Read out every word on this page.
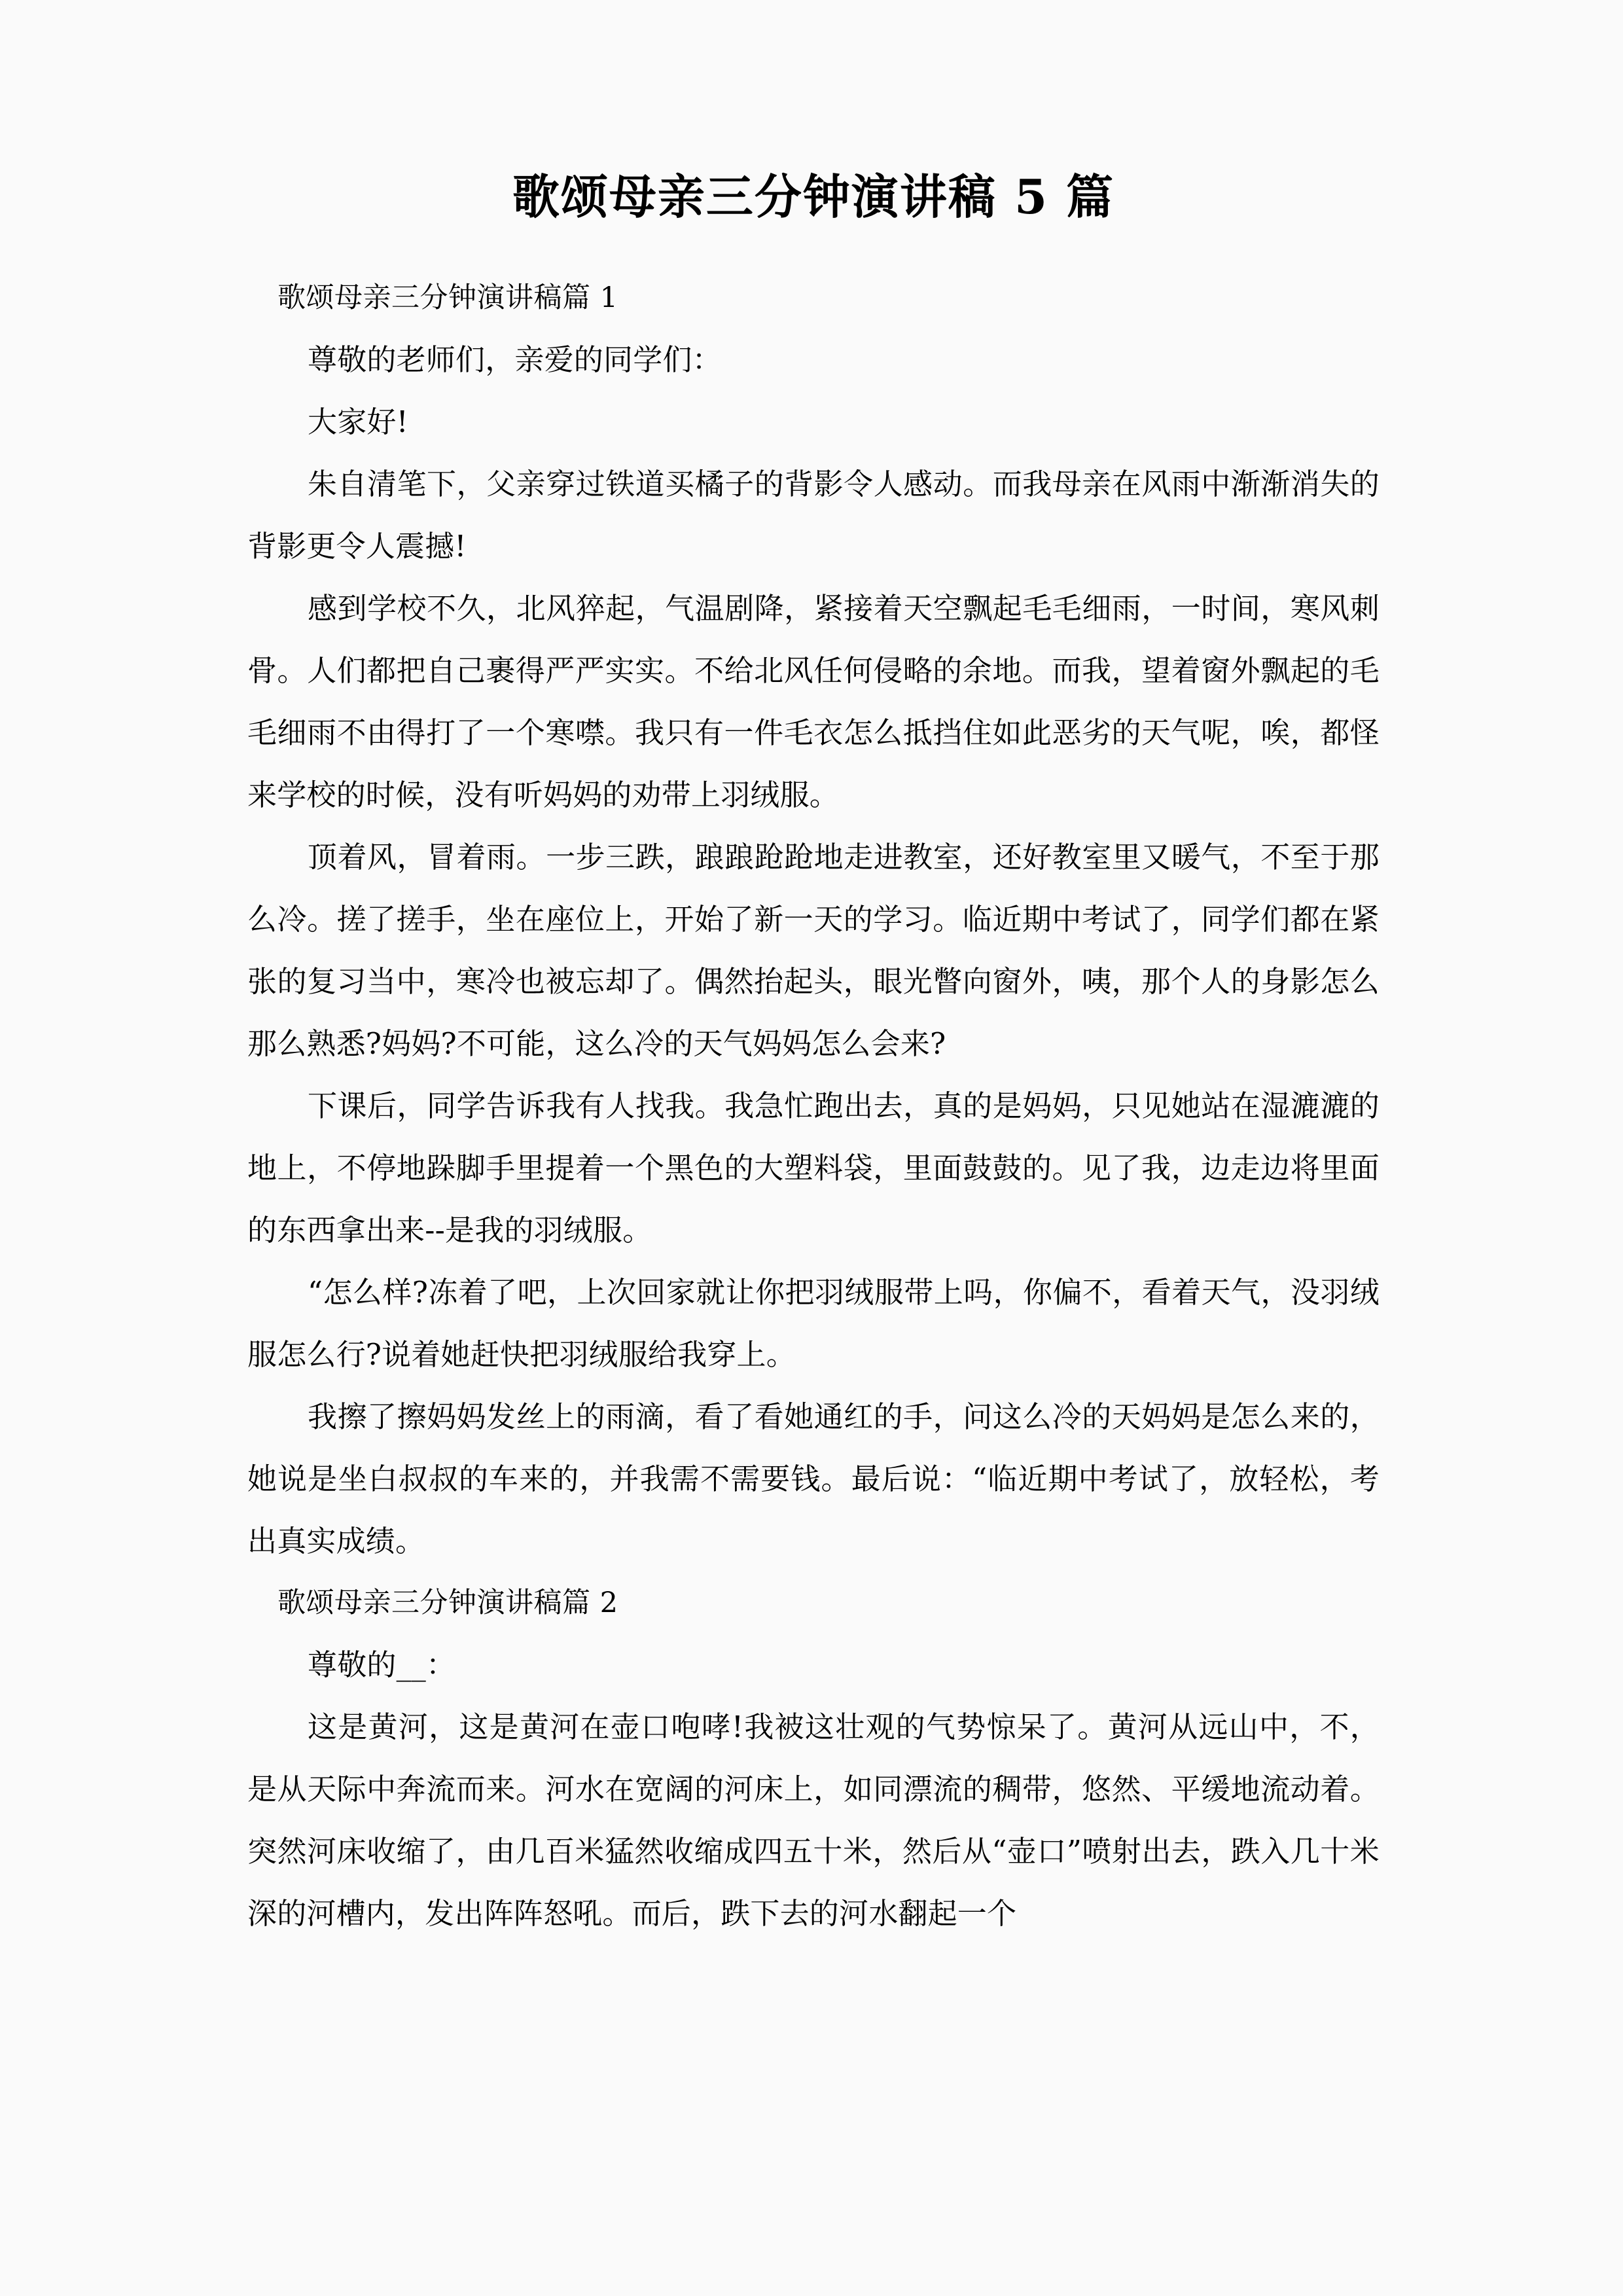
歌颂母亲三分钟演讲稿 5 篇
歌颂母亲三分钟演讲稿篇 1

尊敬的老师们，亲爱的同学们：

大家好!

朱自清笔下，父亲穿过铁道买橘子的背影令人感动。而我母亲在风雨中渐渐消失的背影更令人震撼!

感到学校不久，北风猝起，气温剧降，紧接着天空飘起毛毛细雨，一时间，寒风刺骨。人们都把自己裹得严严实实。不给北风任何侵略的余地。而我，望着窗外飘起的毛毛细雨不由得打了一个寒噤。我只有一件毛衣怎么抵挡住如此恶劣的天气呢，唉，都怪来学校的时候，没有听妈妈的劝带上羽绒服。

顶着风，冒着雨。一步三跌，踉踉跄跄地走进教室，还好教室里又暖气，不至于那么冷。搓了搓手，坐在座位上，开始了新一天的学习。临近期中考试了，同学们都在紧张的复习当中，寒冷也被忘却了。偶然抬起头，眼光瞥向窗外，咦，那个人的身影怎么那么熟悉?妈妈?不可能，这么冷的天气妈妈怎么会来?

下课后，同学告诉我有人找我。我急忙跑出去，真的是妈妈，只见她站在湿漉漉的地上，不停地跺脚手里提着一个黑色的大塑料袋，里面鼓鼓的。见了我，边走边将里面的东西拿出来--是我的羽绒服。

“怎么样?冻着了吧，上次回家就让你把羽绒服带上吗，你偏不，看着天气，没羽绒服怎么行?说着她赶快把羽绒服给我穿上。

我擦了擦妈妈发丝上的雨滴，看了看她通红的手，问这么冷的天妈妈是怎么来的，她说是坐白叔叔的车来的，并我需不需要钱。最后说：“临近期中考试了，放轻松，考出真实成绩。

歌颂母亲三分钟演讲稿篇 2

尊敬的__：

这是黄河，这是黄河在壶口咆哮!我被这壮观的气势惊呆了。黄河从远山中，不，是从天际中奔流而来。河水在宽阔的河床上，如同漂流的稠带，悠然、平缓地流动着。突然河床收缩了，由几百米猛然收缩成四五十米，然后从“壶口”喷射出去，跌入几十米深的河槽内，发出阵阵怒吼。而后，跌下去的河水翻起一个
